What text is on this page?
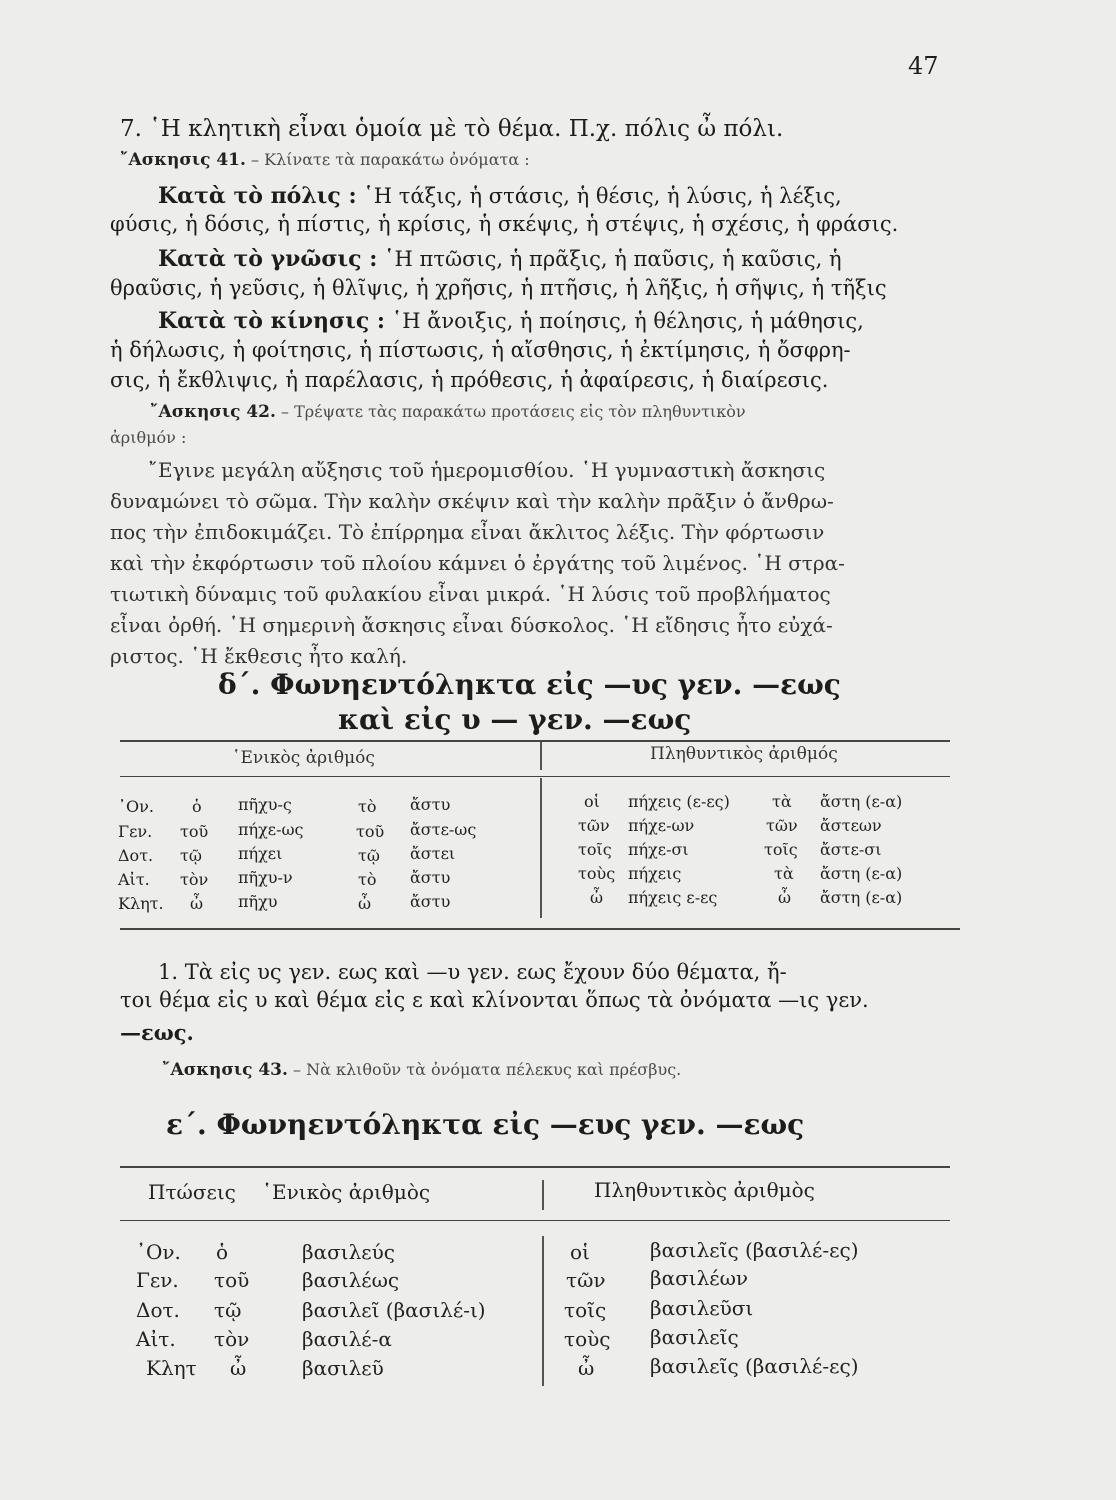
47
7. ῾Η κλητικὴ εἶναι ὁμοία μὲ τὸ θέμα. Π.χ. πόλις ὦ πόλι.
῎Ασκησις 41. – Κλίνατε τὰ παρακάτω ὀνόματα :
Κατὰ τὸ πόλις : ῾Η τάξις, ἡ στάσις, ἡ θέσις, ἡ λύσις, ἡ λέξις,
φύσις, ἡ δόσις, ἡ πίστις, ἡ κρίσις, ἡ σκέψις, ἡ στέψις, ἡ σχέσις, ἡ φράσις.
Κατὰ τὸ γνῶσις : ῾Η πτῶσις, ἡ πρᾶξις, ἡ παῦσις, ἡ καῦσις, ἡ
θραῦσις, ἡ γεῦσις, ἡ θλῖψις, ἡ χρῆσις, ἡ πτῆσις, ἡ λῆξις, ἡ σῆψις, ἡ τῆξις
Κατὰ τὸ κίνησις : ῾Η ἄνοιξις, ἡ ποίησις, ἡ θέλησις, ἡ μάθησις,
ἡ δήλωσις, ἡ φοίτησις, ἡ πίστωσις, ἡ αἴσθησις, ἡ ἐκτίμησις, ἡ ὄσφρη-
σις, ἡ ἔκθλιψις, ἡ παρέλασις, ἡ πρόθεσις, ἡ ἀφαίρεσις, ἡ διαίρεσις.
῎Ασκησις 42. – Τρέψατε τὰς παρακάτω προτάσεις εἰς τὸν πληθυντικὸν
ἀριθμόν :
῎Εγινε μεγάλη αὔξησις τοῦ ἡμερομισθίου. ῾Η γυμναστικὴ ἄσκησις
δυναμώνει τὸ σῶμα. Τὴν καλὴν σκέψιν καὶ τὴν καλὴν πρᾶξιν ὁ ἄνθρω-
πος τὴν ἐπιδοκιμάζει. Τὸ ἐπίρρημα εἶναι ἄκλιτος λέξις. Τὴν φόρτωσιν
καὶ τὴν ἐκφόρτωσιν τοῦ πλοίου κάμνει ὁ ἐργάτης τοῦ λιμένος. ῾Η στρα-
τιωτικὴ δύναμις τοῦ φυλακίου εἶναι μικρά. ῾Η λύσις τοῦ προβλήματος
εἶναι ὀρθή. ῾Η σημερινὴ ἄσκησις εἶναι δύσκολος. ῾Η εἴδησις ἦτο εὐχά-
ριστος. ῾Η ἔκθεσις ἦτο καλή.
δ΄. Φωνηεντόληκτα εἰς —υς γεν. —εως
καὶ εἰς υ — γεν. —εως
῾Ενικὸς ἀριθμός	Πληθυντικὸς ἀριθμός
᾿Ον. ὁ πῆχυ-ς	τὸ ἄστυ	οἱ πήχεις (ε-ες)	τὰ ἄστη (ε-α)
Γεν. τοῦ πήχε-ως	τοῦ ἄστε-ως	τῶν πήχε-ων	τῶν ἄστεων
Δοτ. τῷ πήχει	τῷ ἄστει	τοῖς πήχε-σι	τοῖς ἄστε-σι
Αἰτ. τὸν πῆχυ-ν	τὸ ἄστυ	τοὺς πήχεις	τὰ ἄστη (ε-α)
Κλητ. ὦ πῆχυ	ὦ ἄστυ	ὦ πήχεις ε-ες	ὦ ἄστη (ε-α)
1. Τὰ εἰς υς γεν. εως καὶ —υ γεν. εως ἔχουν δύο θέματα, ἤ-
τοι θέμα εἰς υ καὶ θέμα εἰς ε καὶ κλίνονται ὅπως τὰ ὀνόματα —ις γεν.
—εως.
῎Ασκησις 43. – Νὰ κλιθοῦν τὰ ὀνόματα πέλεκυς καὶ πρέσβυς.
ε΄. Φωνηεντόληκτα εἰς —ευς γεν. —εως
Πτώσεις ῾Ενικὸς ἀριθμὸς	Πληθυντικὸς ἀριθμὸς
᾿Ον. ὁ	βασιλεύς	οἱ	βασιλεῖς (βασιλέ-ες)
Γεν. τοῦ	βασιλέως	τῶν βασιλέων
Δοτ. τῷ	βασιλεῖ (βασιλέ-ι)	τοῖς βασιλεῦσι
Αἰτ. τὸν	βασιλέ-α	τοὺς βασιλεῖς
Κλητ ὦ	βασιλεῦ	ὦ	βασιλεῖς (βασιλέ-ες)
